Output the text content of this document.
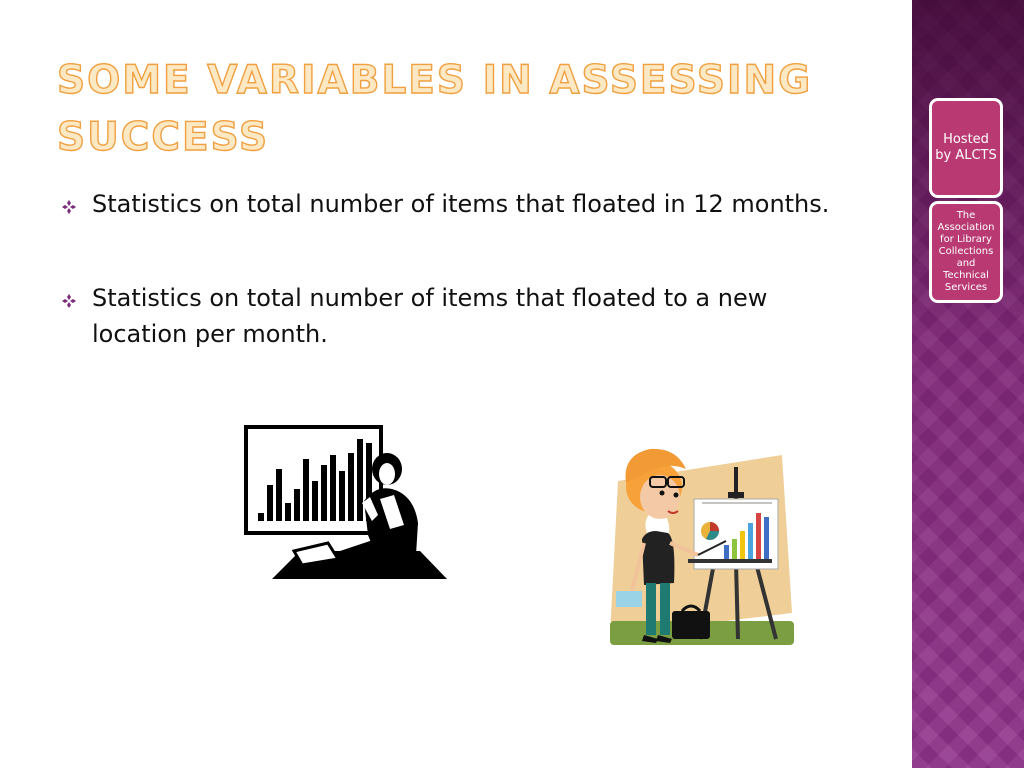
SOME VARIABLES IN ASSESSING SUCCESS
Statistics on total number of items that floated in 12 months.
Statistics on total number of items that floated to a new location per month.
Hosted by ALCTS
The Association for Library Collections and Technical Services
